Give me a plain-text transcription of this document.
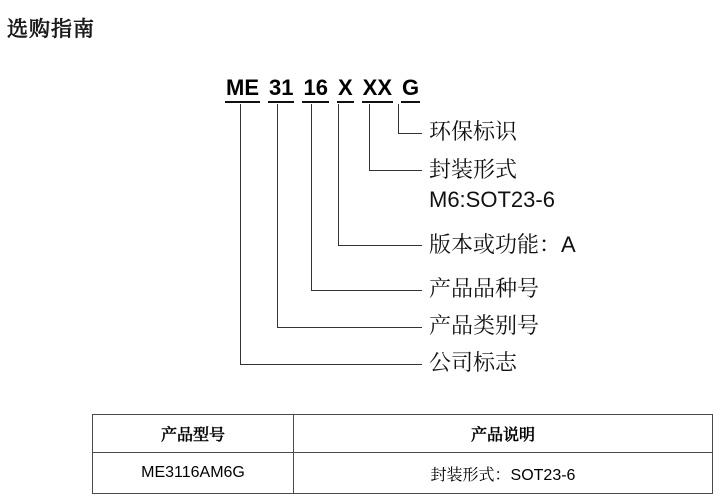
选购指南
ME 31 16 X XX G
环保标识
封装形式
M6:SOT23-6
版本或功能：A
产品品种号
产品类别号
公司标志
产品型号	产品说明
ME3116AM6G	封装形式：SOT23-6
